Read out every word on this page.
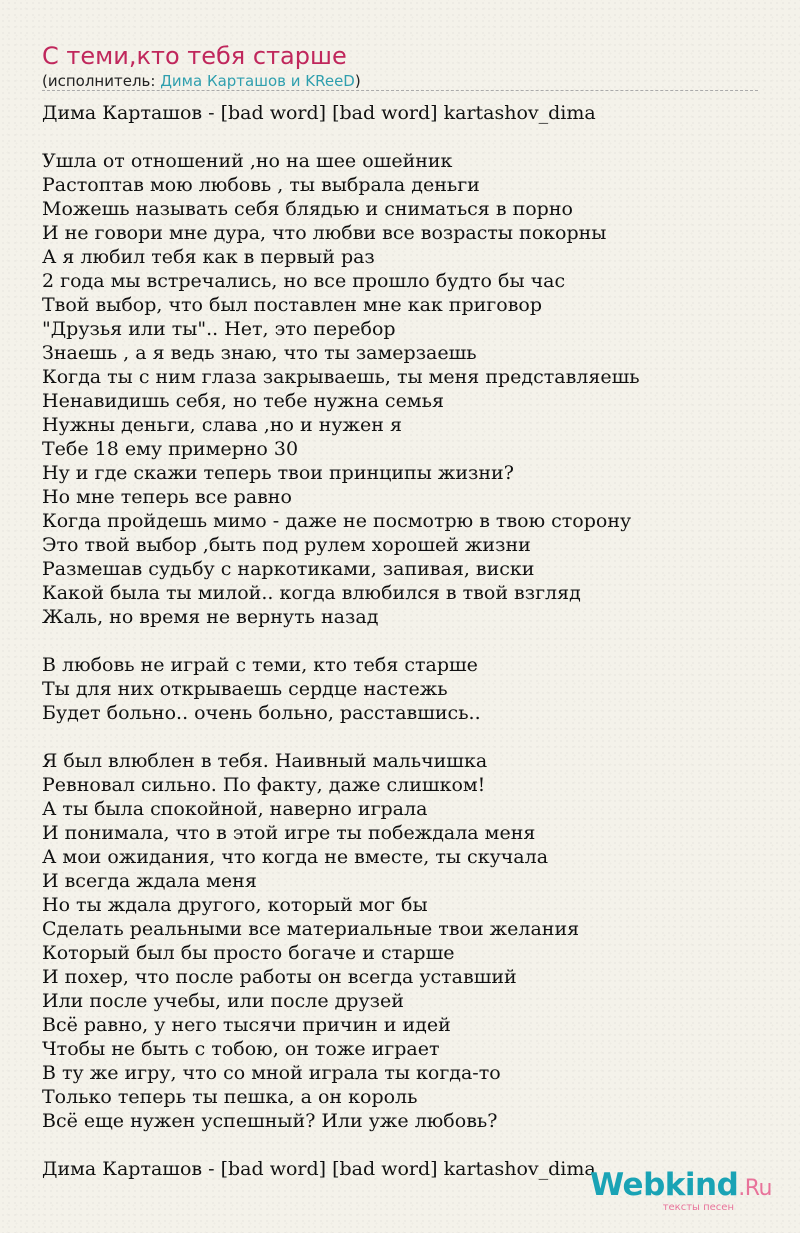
С теми,кто тебя старше
(исполнитель: Дима Карташов и KReeD)
Дима Карташов - [bad word] [bad word] kartashov_dima
Ушла от отношений ,но на шее ошейник
Растоптав мою любовь , ты выбрала деньги
Можешь называть себя блядью и сниматься в порно
И не говори мне дура, что любви все возрасты покорны
А я любил тебя как в первый раз
2 года мы встречались, но все прошло будто бы час
Твой выбор, что был поставлен мне как приговор
"Друзья или ты".. Нет, это перебор
Знаешь , а я ведь знаю, что ты замерзаешь
Когда ты с ним глаза закрываешь, ты меня представляешь
Ненавидишь себя, но тебе нужна семья
Нужны деньги, слава ,но и нужен я
Тебе 18 ему примерно 30
Ну и где скажи теперь твои принципы жизни?
Но мне теперь все равно
Когда пройдешь мимо - даже не посмотрю в твою сторону
Это твой выбор ,быть под рулем хорошей жизни
Размешав судьбу с наркотиками, запивая, виски
Какой была ты милой.. когда влюбился в твой взгляд
Жаль, но время не вернуть назад
В любовь не играй с теми, кто тебя старше
Ты для них открываешь сердце настежь
Будет больно.. очень больно, расставшись..
Я был влюблен в тебя. Наивный мальчишка
Ревновал сильно. По факту, даже слишком!
А ты была спокойной, наверно играла
И понимала, что в этой игре ты побеждала меня
А мои ожидания, что когда не вместе, ты скучала
И всегда ждала меня
Но ты ждала другого, который мог бы
Сделать реальными все материальные твои желания
Который был бы просто богаче и старше
И похер, что после работы он всегда уставший
Или после учебы, или после друзей
Всё равно, у него тысячи причин и идей
Чтобы не быть с тобою, он тоже играет
В ту же игру, что со мной играла ты когда-то
Только теперь ты пешка, а он король
Всё еще нужен успешный? Или уже любовь?
Дима Карташов - [bad word] [bad word] kartashov_dima
Webkind.Ru
тексты песен
